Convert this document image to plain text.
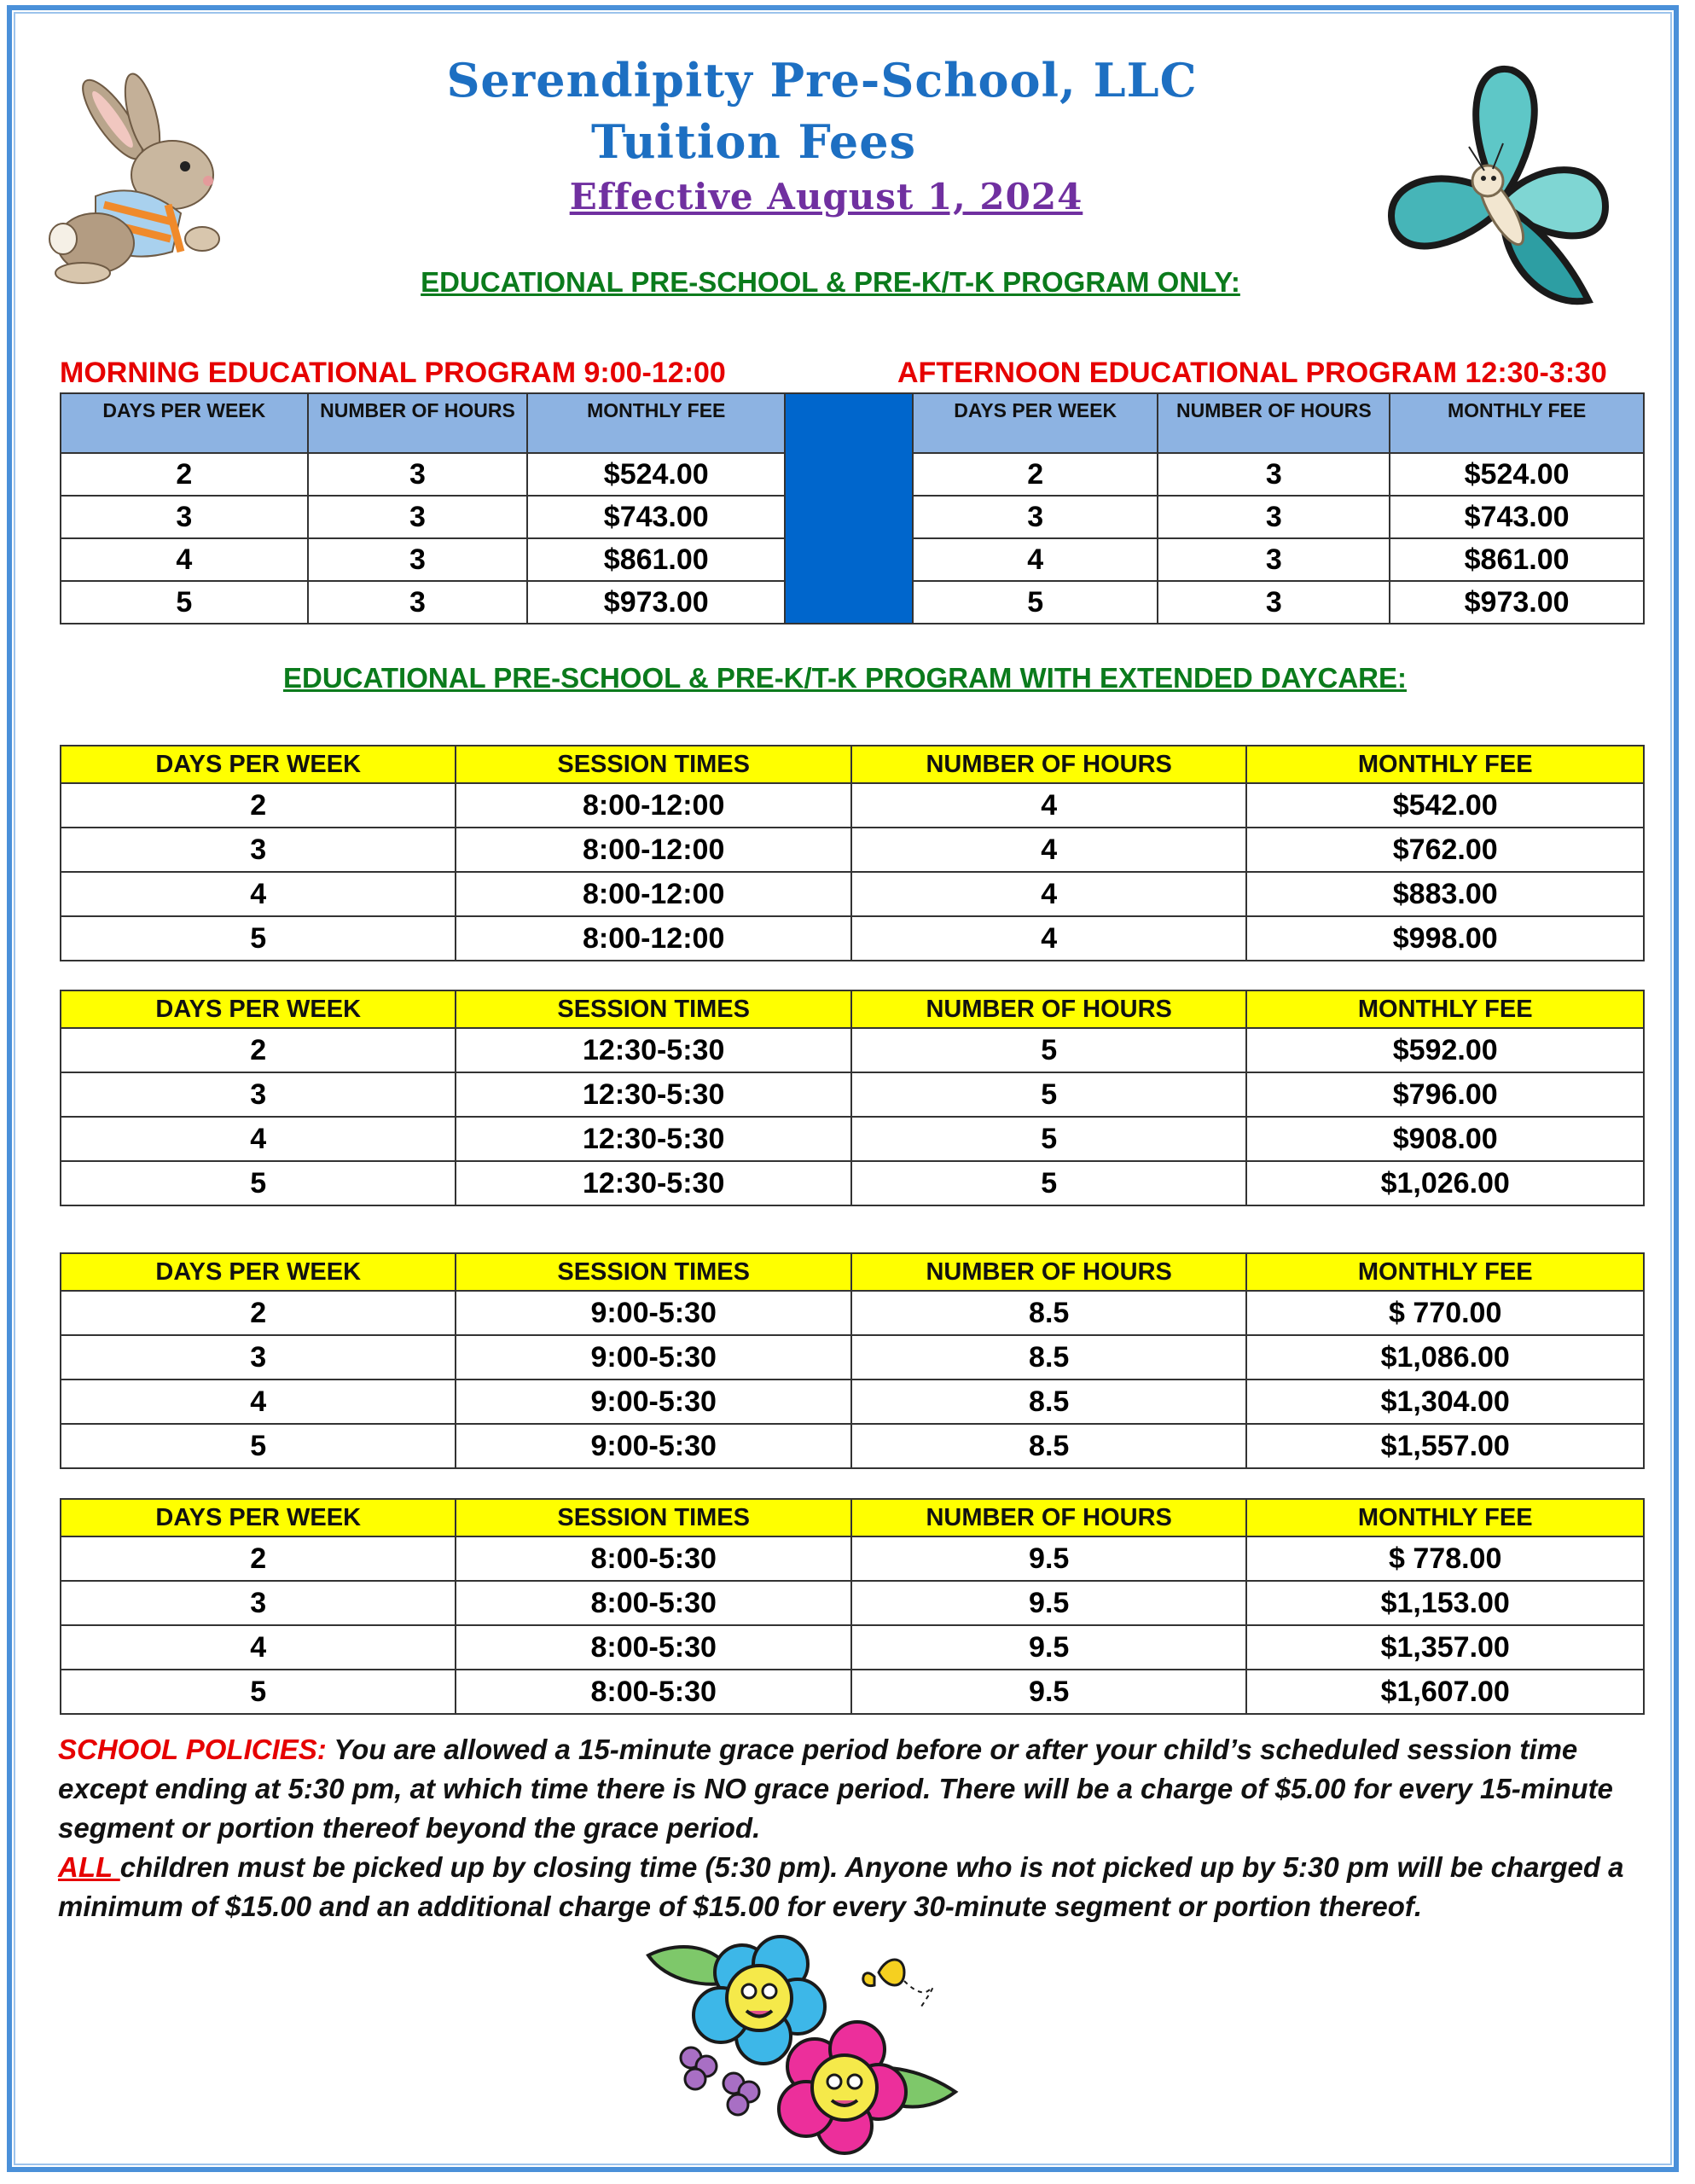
Serendipity Pre-School, LLC
Tuition Fees
Effective August 1, 2024
EDUCATIONAL PRE-SCHOOL & PRE-K/T-K PROGRAM ONLY:
MORNING EDUCATIONAL PROGRAM 9:00-12:00	AFTERNOON EDUCATIONAL PROGRAM 12:30-3:30
DAYS PER WEEK	NUMBER OF HOURS	MONTHLY FEE		DAYS PER WEEK	NUMBER OF HOURS	MONTHLY FEE
2	3	$524.00		2	3	$524.00
3	3	$743.00		3	3	$743.00
4	3	$861.00		4	3	$861.00
5	3	$973.00		5	3	$973.00
EDUCATIONAL PRE-SCHOOL & PRE-K/T-K PROGRAM WITH EXTENDED DAYCARE:
DAYS PER WEEK	SESSION TIMES	NUMBER OF HOURS	MONTHLY FEE
2	8:00-12:00	4	$542.00
3	8:00-12:00	4	$762.00
4	8:00-12:00	4	$883.00
5	8:00-12:00	4	$998.00
DAYS PER WEEK	SESSION TIMES	NUMBER OF HOURS	MONTHLY FEE
2	12:30-5:30	5	$592.00
3	12:30-5:30	5	$796.00
4	12:30-5:30	5	$908.00
5	12:30-5:30	5	$1,026.00
DAYS PER WEEK	SESSION TIMES	NUMBER OF HOURS	MONTHLY FEE
2	9:00-5:30	8.5	$ 770.00
3	9:00-5:30	8.5	$1,086.00
4	9:00-5:30	8.5	$1,304.00
5	9:00-5:30	8.5	$1,557.00
DAYS PER WEEK	SESSION TIMES	NUMBER OF HOURS	MONTHLY FEE
2	8:00-5:30	9.5	$ 778.00
3	8:00-5:30	9.5	$1,153.00
4	8:00-5:30	9.5	$1,357.00
5	8:00-5:30	9.5	$1,607.00
SCHOOL POLICIES: You are allowed a 15-minute grace period before or after your child’s scheduled session time except ending at 5:30 pm, at which time there is NO grace period. There will be a charge of $5.00 for every 15-minute segment or portion thereof beyond the grace period.
ALL children must be picked up by closing time (5:30 pm). Anyone who is not picked up by 5:30 pm will be charged a minimum of $15.00 and an additional charge of $15.00 for every 30-minute segment or portion thereof.
